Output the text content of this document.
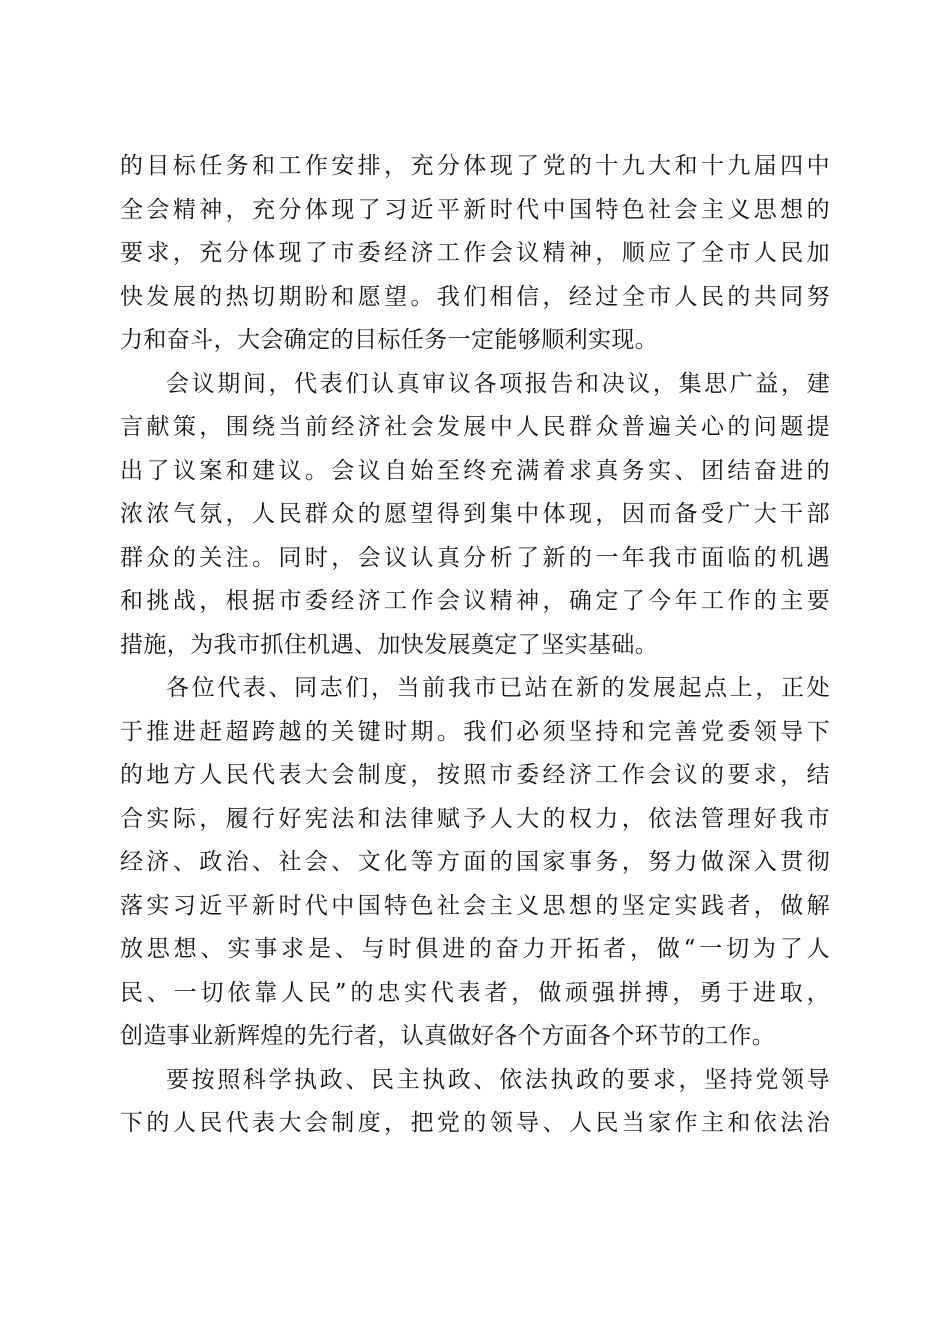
的目标任务和工作安排，充分体现了党的十九大和十九届四中
全会精神，充分体现了习近平新时代中国特色社会主义思想的
要求，充分体现了市委经济工作会议精神，顺应了全市人民加
快发展的热切期盼和愿望。我们相信，经过全市人民的共同努
力和奋斗，大会确定的目标任务一定能够顺利实现。
会议期间，代表们认真审议各项报告和决议，集思广益，建
言献策，围绕当前经济社会发展中人民群众普遍关心的问题提
出了议案和建议。会议自始至终充满着求真务实、团结奋进的
浓浓气氛，人民群众的愿望得到集中体现，因而备受广大干部
群众的关注。同时，会议认真分析了新的一年我市面临的机遇
和挑战，根据市委经济工作会议精神，确定了今年工作的主要
措施，为我市抓住机遇、加快发展奠定了坚实基础。
各位代表、同志们，当前我市已站在新的发展起点上，正处
于推进赶超跨越的关键时期。我们必须坚持和完善党委领导下
的地方人民代表大会制度，按照市委经济工作会议的要求，结
合实际，履行好宪法和法律赋予人大的权力，依法管理好我市
经济、政治、社会、文化等方面的国家事务，努力做深入贯彻
落实习近平新时代中国特色社会主义思想的坚定实践者，做解
放思想、实事求是、与时俱进的奋力开拓者，做“一切为了人
民、一切依靠人民”的忠实代表者，做顽强拼搏，勇于进取，
创造事业新辉煌的先行者，认真做好各个方面各个环节的工作。
要按照科学执政、民主执政、依法执政的要求，坚持党领导
下的人民代表大会制度，把党的领导、人民当家作主和依法治
